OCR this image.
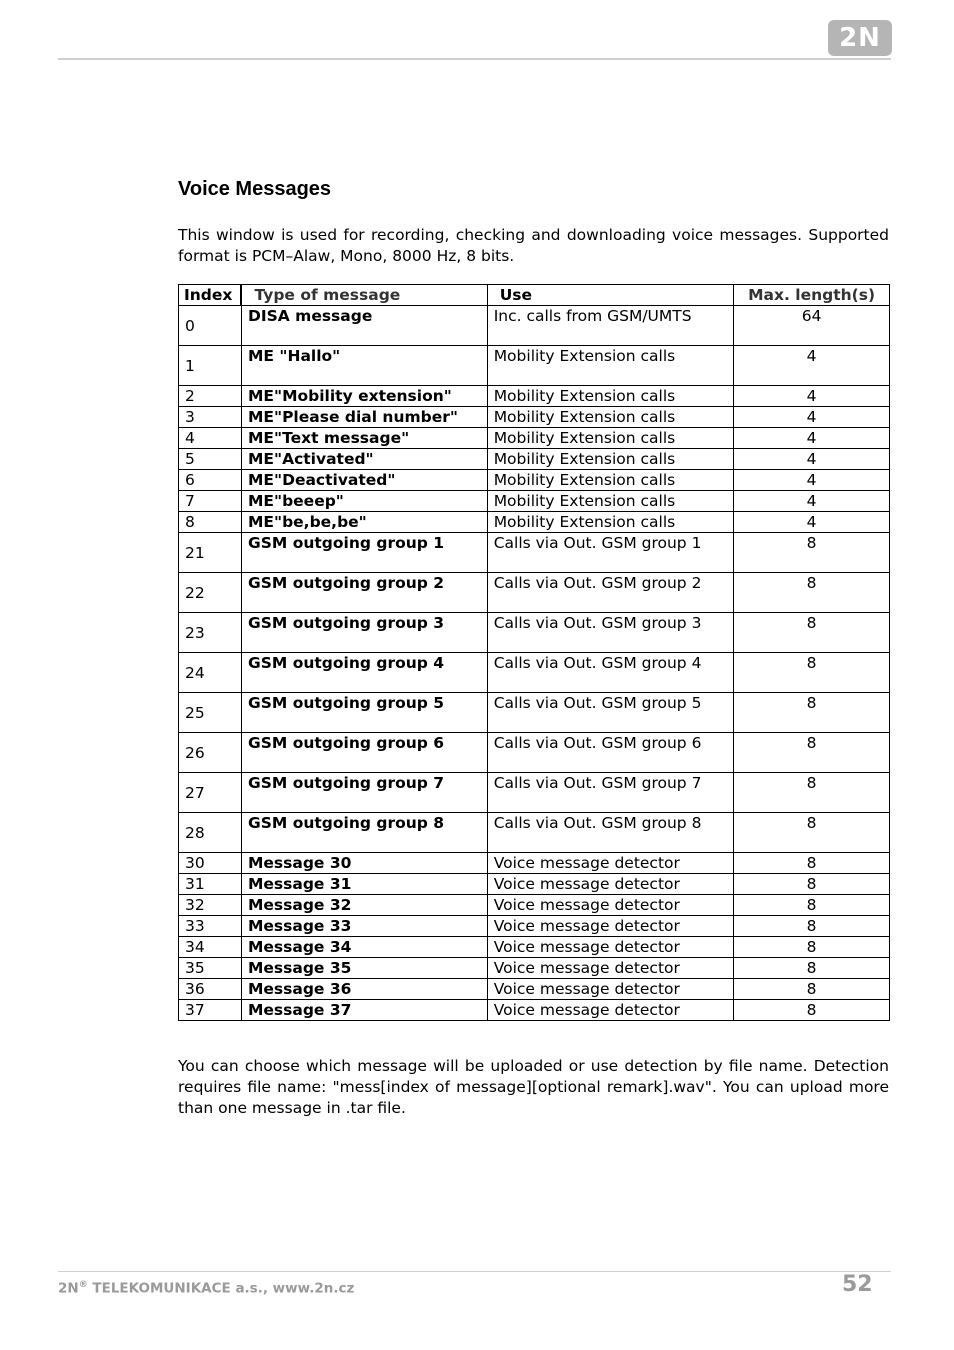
2N
Voice Messages

This window is used for recording, checking and downloading voice messages. Supported format is PCM–Alaw, Mono, 8000 Hz, 8 bits.

Index	Type of message	Use	Max. length(s)
0	DISA message	Inc. calls from GSM/UMTS	64
1	ME "Hallo"	Mobility Extension calls	4
2	ME"Mobility extension"	Mobility Extension calls	4
3	ME"Please dial number"	Mobility Extension calls	4
4	ME"Text message"	Mobility Extension calls	4
5	ME"Activated"	Mobility Extension calls	4
6	ME"Deactivated"	Mobility Extension calls	4
7	ME"beeep"	Mobility Extension calls	4
8	ME"be,be,be"	Mobility Extension calls	4
21	GSM outgoing group 1	Calls via Out. GSM group 1	8
22	GSM outgoing group 2	Calls via Out. GSM group 2	8
23	GSM outgoing group 3	Calls via Out. GSM group 3	8
24	GSM outgoing group 4	Calls via Out. GSM group 4	8
25	GSM outgoing group 5	Calls via Out. GSM group 5	8
26	GSM outgoing group 6	Calls via Out. GSM group 6	8
27	GSM outgoing group 7	Calls via Out. GSM group 7	8
28	GSM outgoing group 8	Calls via Out. GSM group 8	8
30	Message 30	Voice message detector	8
31	Message 31	Voice message detector	8
32	Message 32	Voice message detector	8
33	Message 33	Voice message detector	8
34	Message 34	Voice message detector	8
35	Message 35	Voice message detector	8
36	Message 36	Voice message detector	8
37	Message 37	Voice message detector	8

You can choose which message will be uploaded or use detection by file name. Detection requires file name: "mess[index of message][optional remark].wav". You can upload more than one message in .tar file.

2N® TELEKOMUNIKACE a.s., www.2n.cz	52
